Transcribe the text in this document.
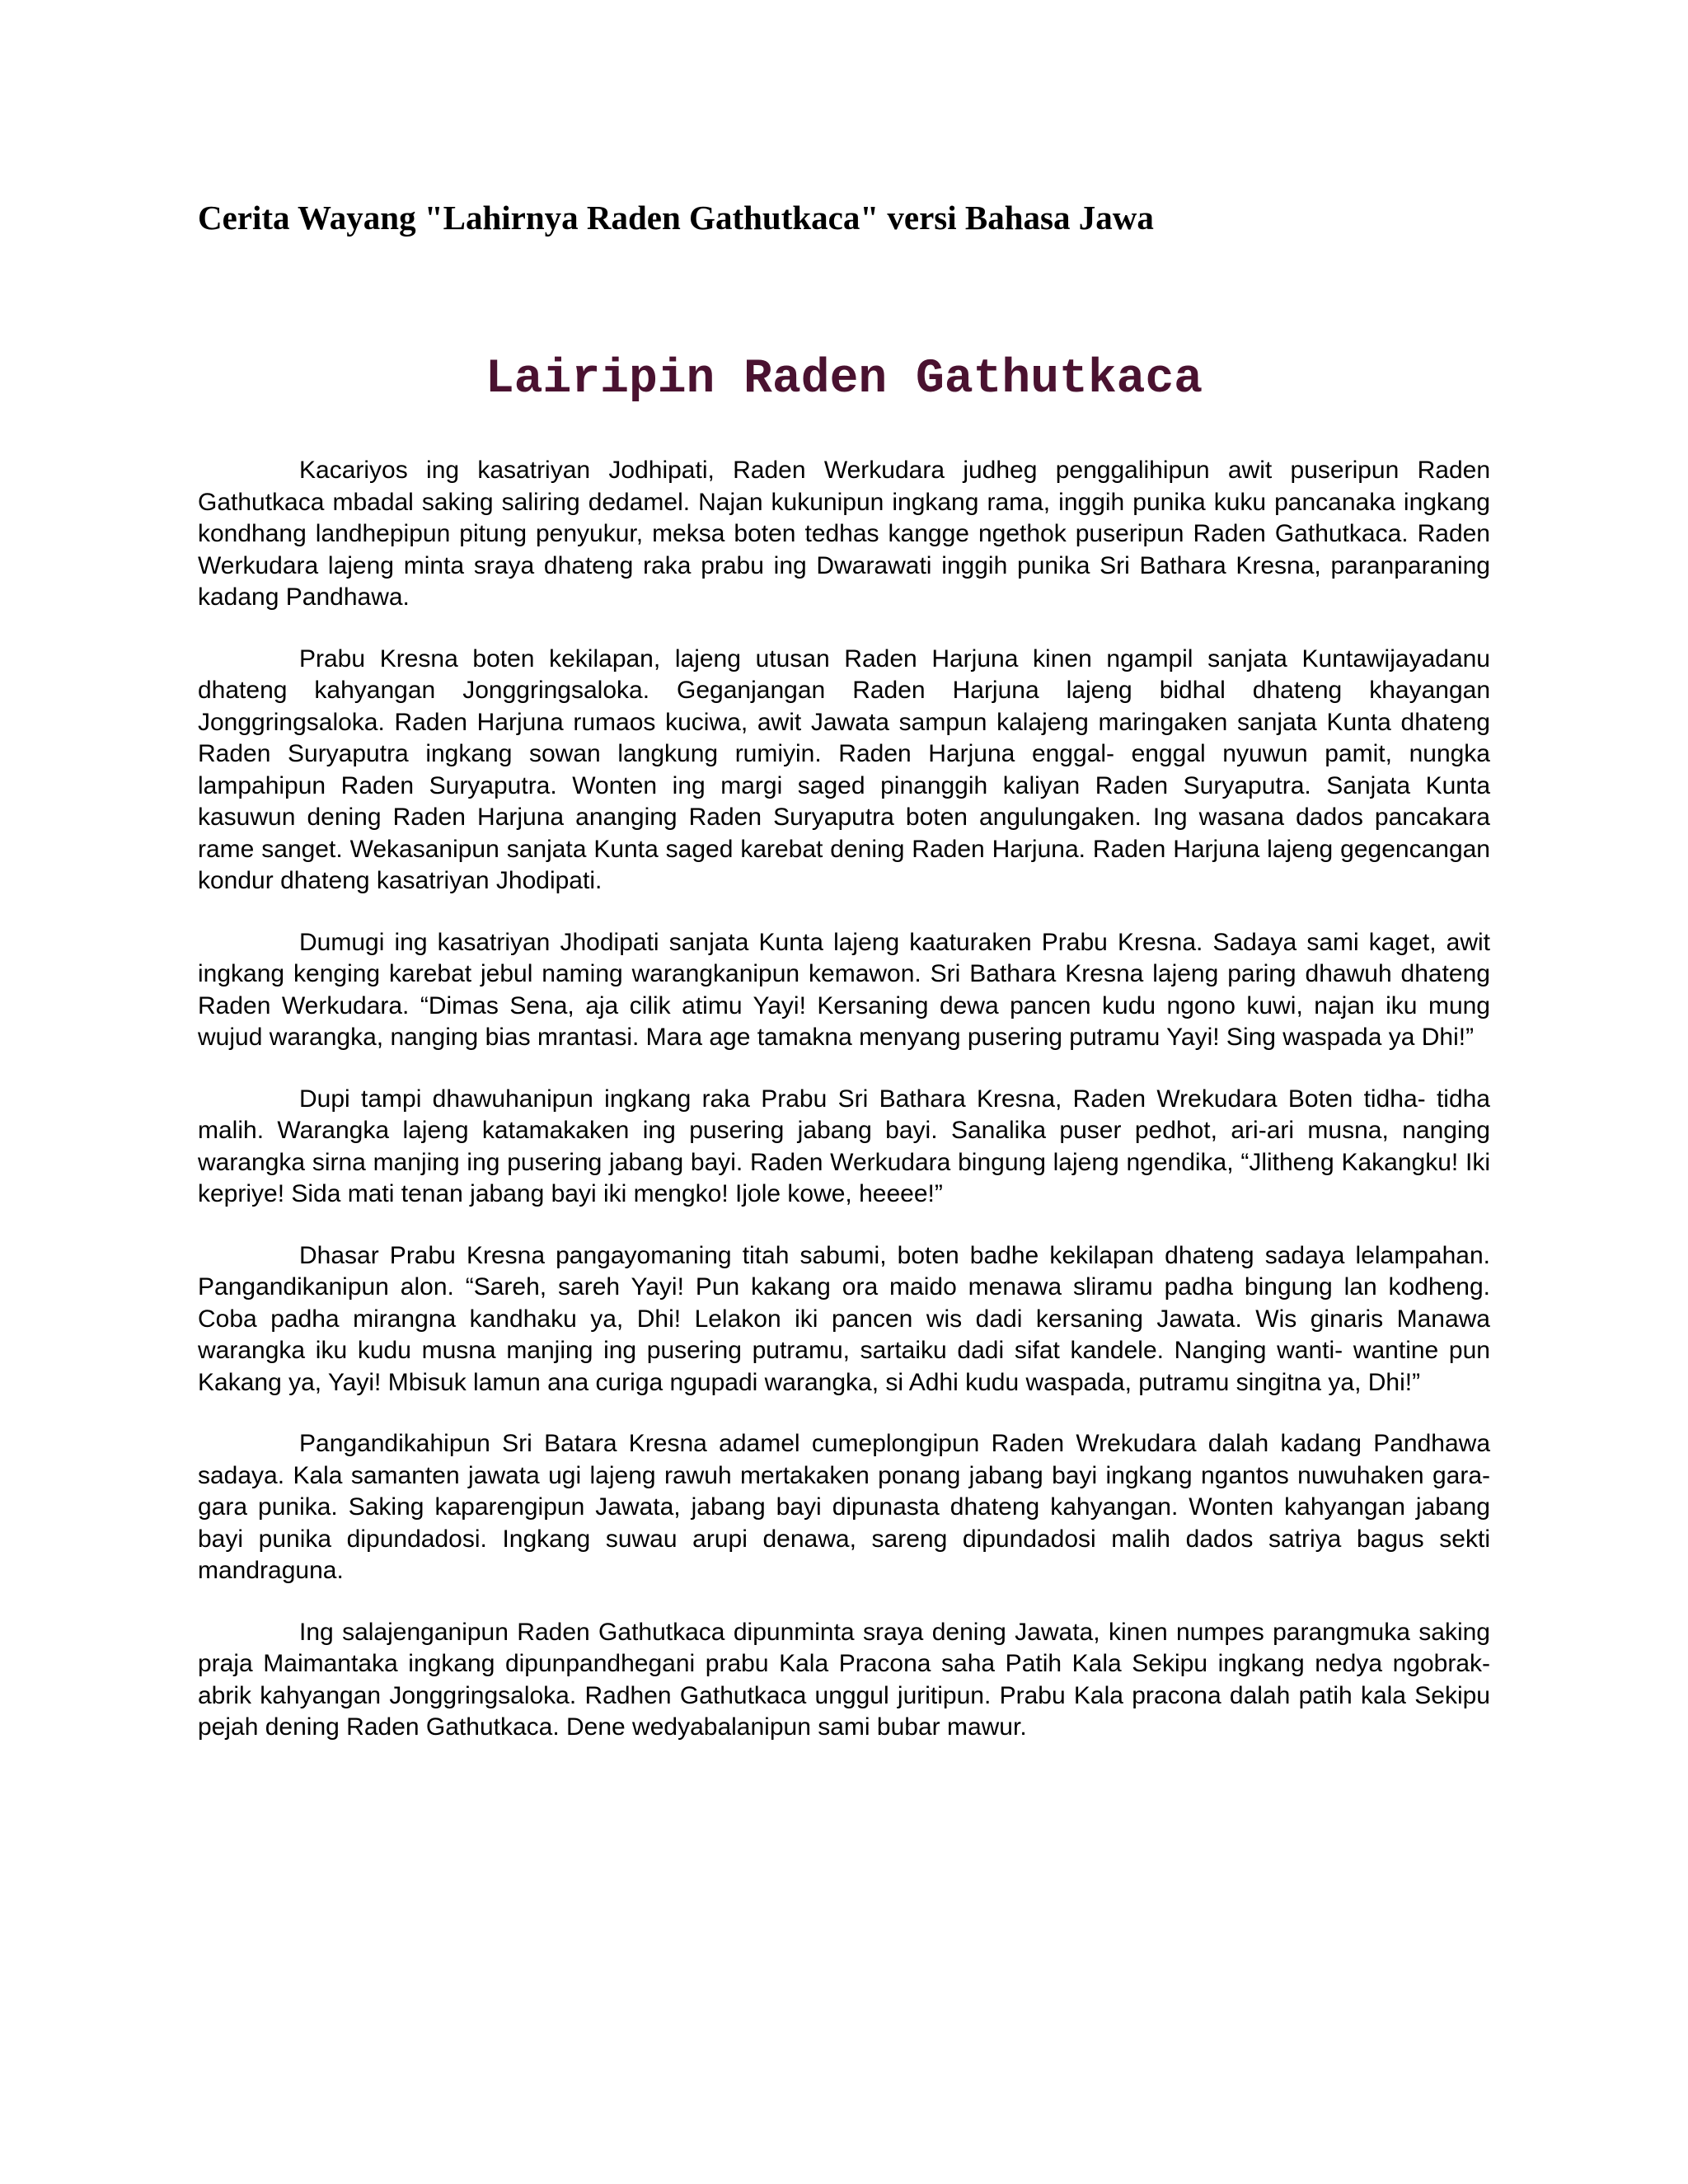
Cerita Wayang "Lahirnya Raden Gathutkaca" versi Bahasa Jawa
Lairipin Raden Gathutkaca

Kacariyos ing kasatriyan Jodhipati, Raden Werkudara judheg penggalihipun awit puseripun Raden Gathutkaca mbadal saking saliring dedamel. Najan kukunipun ingkang rama, inggih punika kuku pancanaka ingkang kondhang landhepipun pitung penyukur, meksa boten tedhas kangge ngethok puseripun Raden Gathutkaca. Raden Werkudara lajeng minta sraya dhateng raka prabu ing Dwarawati inggih punika Sri Bathara Kresna, paranparaning kadang Pandhawa.

Prabu Kresna boten kekilapan, lajeng utusan Raden Harjuna kinen ngampil sanjata Kuntawijayadanu dhateng kahyangan Jonggringsaloka. Geganjangan Raden Harjuna lajeng bidhal dhateng khayangan Jonggringsaloka. Raden Harjuna rumaos kuciwa, awit Jawata sampun kalajeng maringaken sanjata Kunta dhateng Raden Suryaputra ingkang sowan langkung rumiyin. Raden Harjuna enggal- enggal nyuwun pamit, nungka lampahipun Raden Suryaputra. Wonten ing margi saged pinanggih kaliyan Raden Suryaputra. Sanjata Kunta kasuwun dening Raden Harjuna ananging Raden Suryaputra boten angulungaken. Ing wasana dados pancakara rame sanget. Wekasanipun sanjata Kunta saged karebat dening Raden Harjuna. Raden Harjuna lajeng gegencangan kondur dhateng kasatriyan Jhodipati.

Dumugi ing kasatriyan Jhodipati sanjata Kunta lajeng kaaturaken Prabu Kresna. Sadaya sami kaget, awit ingkang kenging karebat jebul naming warangkanipun kemawon. Sri Bathara Kresna lajeng paring dhawuh dhateng Raden Werkudara. “Dimas Sena, aja cilik atimu Yayi! Kersaning dewa pancen kudu ngono kuwi, najan iku mung wujud warangka, nanging bias mrantasi. Mara age tamakna menyang pusering putramu Yayi! Sing waspada ya Dhi!”

Dupi tampi dhawuhanipun ingkang raka Prabu Sri Bathara Kresna, Raden Wrekudara Boten tidha- tidha malih. Warangka lajeng katamakaken ing pusering jabang bayi. Sanalika puser pedhot, ari-ari musna, nanging warangka sirna manjing ing pusering jabang bayi. Raden Werkudara bingung lajeng ngendika, “Jlitheng Kakangku! Iki kepriye! Sida mati tenan jabang bayi iki mengko! Ijole kowe, heeee!”

Dhasar Prabu Kresna pangayomaning titah sabumi, boten badhe kekilapan dhateng sadaya lelampahan. Pangandikanipun alon. “Sareh, sareh Yayi! Pun kakang ora maido menawa sliramu padha bingung lan kodheng. Coba padha mirangna kandhaku ya, Dhi! Lelakon iki pancen wis dadi kersaning Jawata. Wis ginaris Manawa warangka iku kudu musna manjing ing pusering putramu, sartaiku dadi sifat kandele. Nanging wanti- wantine pun Kakang ya, Yayi! Mbisuk lamun ana curiga ngupadi warangka, si Adhi kudu waspada, putramu singitna ya, Dhi!”

Pangandikahipun Sri Batara Kresna adamel cumeplongipun Raden Wrekudara dalah kadang Pandhawa sadaya. Kala samanten jawata ugi lajeng rawuh mertakaken ponang jabang bayi ingkang ngantos nuwuhaken gara- gara punika. Saking kaparengipun Jawata, jabang bayi dipunasta dhateng kahyangan. Wonten kahyangan jabang bayi punika dipundadosi. Ingkang suwau arupi denawa, sareng dipundadosi malih dados satriya bagus sekti mandraguna.

Ing salajenganipun Raden Gathutkaca dipunminta sraya dening Jawata, kinen numpes parangmuka saking praja Maimantaka ingkang dipunpandhegani prabu Kala Pracona saha Patih Kala Sekipu ingkang nedya ngobrak- abrik kahyangan Jonggringsaloka. Radhen Gathutkaca unggul juritipun. Prabu Kala pracona dalah patih kala Sekipu pejah dening Raden Gathutkaca. Dene wedyabalanipun sami bubar mawur.
